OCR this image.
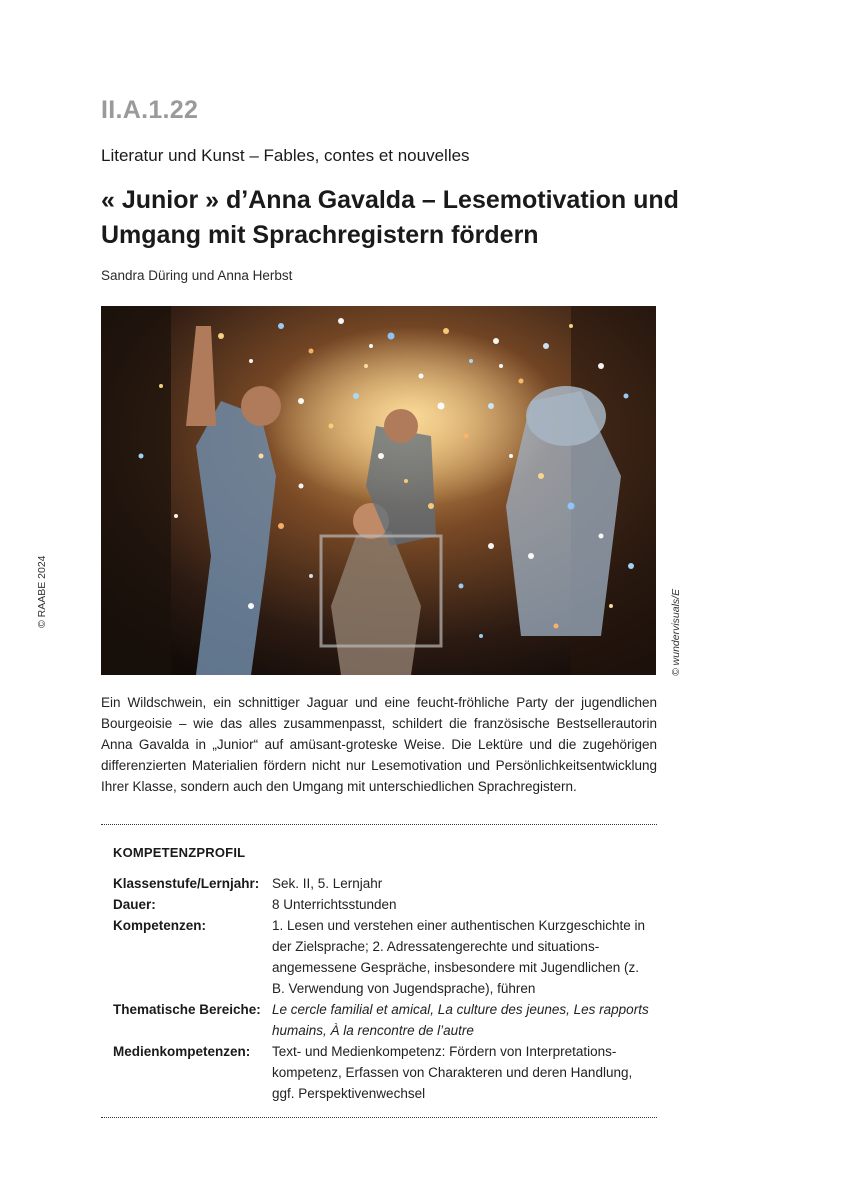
II.A.1.22
Literatur und Kunst – Fables, contes et nouvelles
« Junior » d’Anna Gavalda – Lesemotivation und Umgang mit Sprachregistern fördern
Sandra Düring und Anna Herbst
© wundervisuals/E
© RAABE 2024

Ein Wildschwein, ein schnittiger Jaguar und eine feucht-fröhliche Party der jugendlichen Bourgeoisie – wie das alles zusammenpasst, schildert die französische Bestsellerautorin Anna Gavalda in „Junior“ auf amüsant-groteske Weise. Die Lektüre und die zugehörigen differenzierten Materialien fördern nicht nur Lesemotivation und Persönlichkeitsentwicklung Ihrer Klasse, sondern auch den Umgang mit unterschiedlichen Sprachregistern.

KOMPETENZPROFIL
Klassenstufe/Lernjahr: Sek. II, 5. Lernjahr
Dauer:	8 Unterrichtsstunden
Kompetenzen:	1. Lesen und verstehen einer authentischen Kurzgeschichte in der Zielsprache; 2. Adressatengerechte und situations-angemessene Gespräche, insbesondere mit Jugendlichen (z. B. Verwendung von Jugendsprache), führen
Thematische Bereiche: Le cercle familial et amical, La culture des jeunes, Les rapports humains, À la rencontre de l’autre
Medienkompetenzen:	Text- und Medienkompetenz: Fördern von Interpretations-kompetenz, Erfassen von Charakteren und deren Handlung, ggf. Perspektivenwechsel
